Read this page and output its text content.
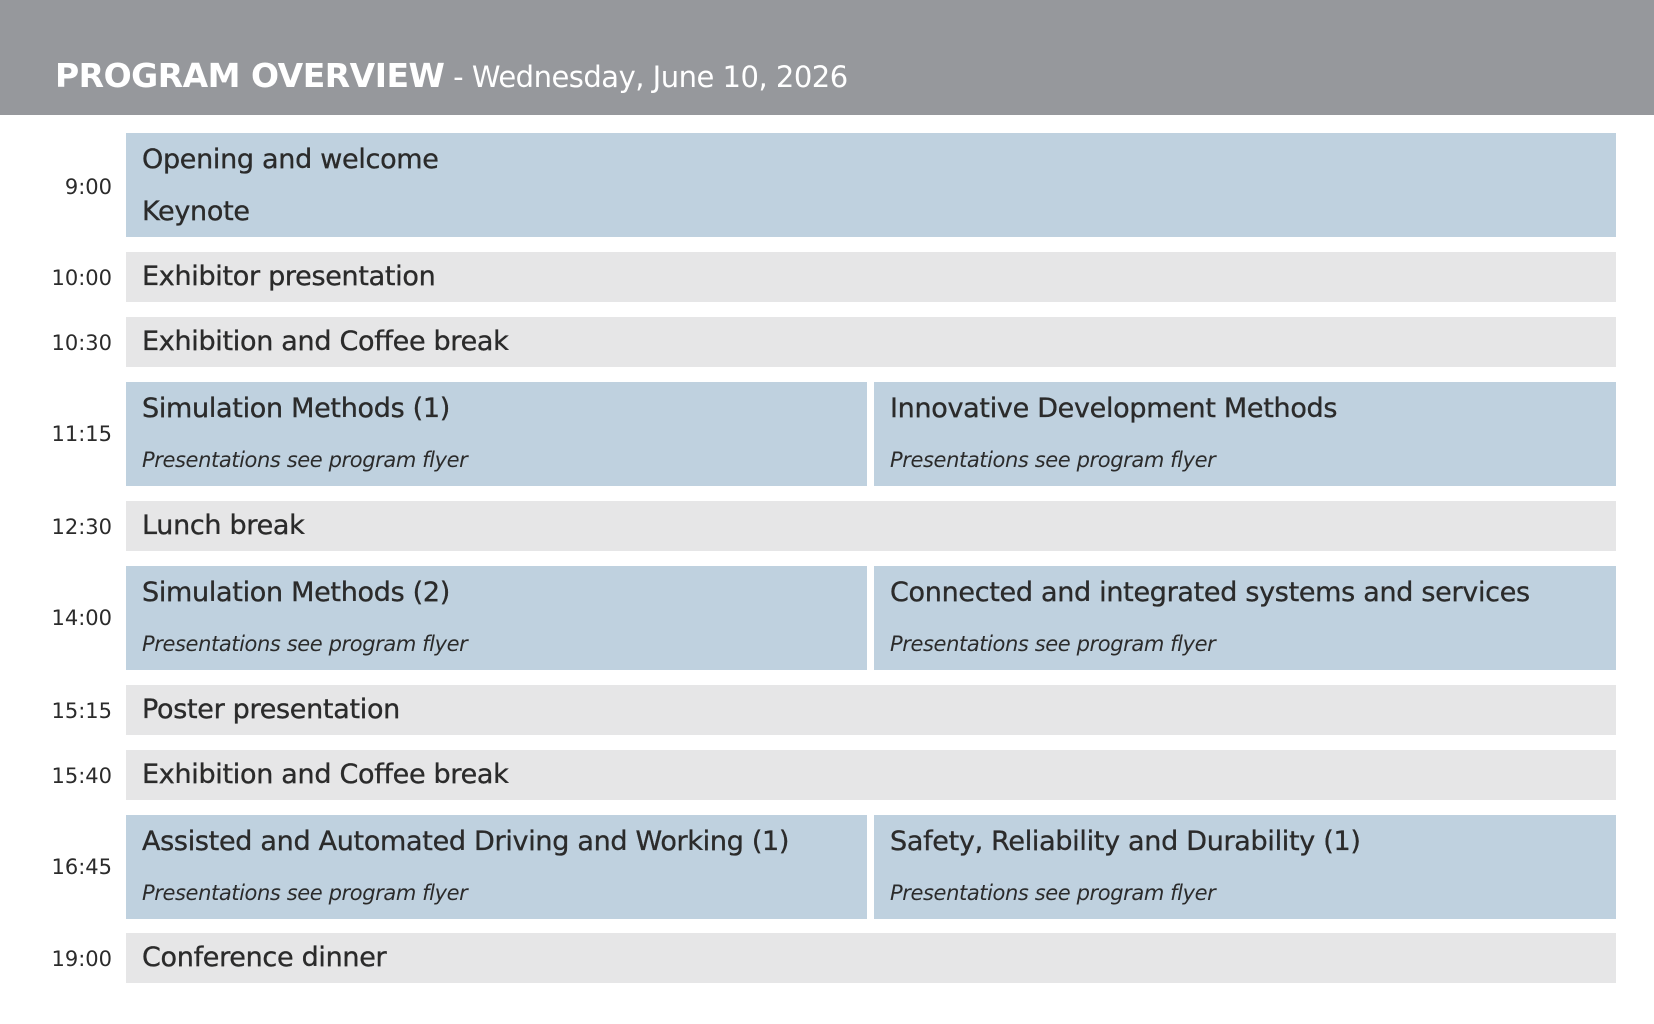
PROGRAM OVERVIEW - Wednesday, June 10, 2026
9:00
Opening and welcome
Keynote
10:00 Exhibitor presentation
10:30 Exhibition and Coffee break
11:15
Simulation Methods (1)
Presentations see program flyer
Innovative Development Methods
Presentations see program flyer
12:30 Lunch break
14:00
Simulation Methods (2)
Presentations see program flyer
Connected and integrated systems and services
Presentations see program flyer
15:15 Poster presentation
15:40 Exhibition and Coffee break
16:45
Assisted and Automated Driving and Working (1)
Presentations see program flyer
Safety, Reliability and Durability (1)
Presentations see program flyer
19:00 Conference dinner
